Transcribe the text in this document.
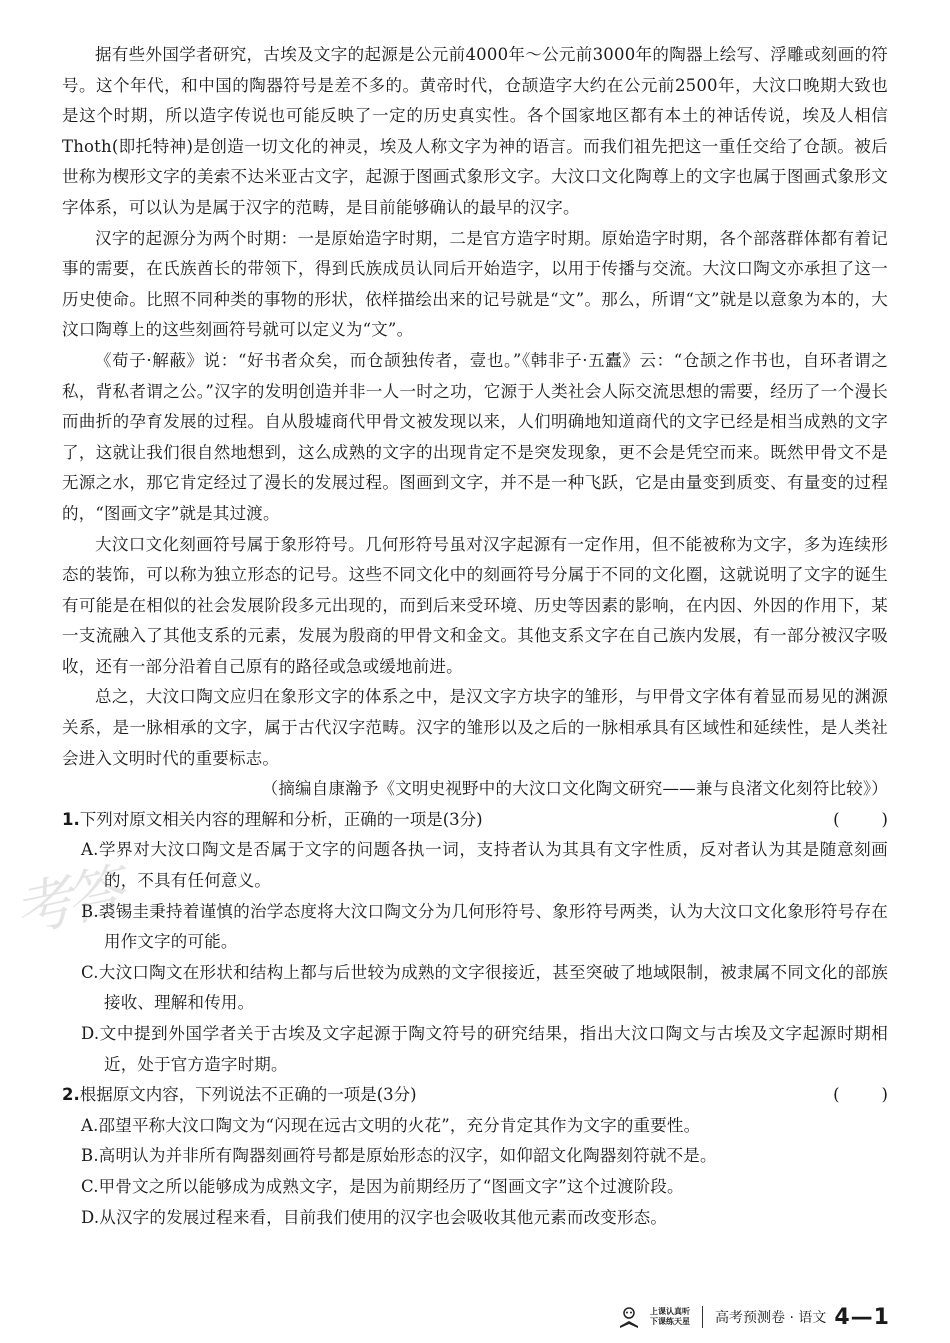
考答

据有些外国学者研究，古埃及文字的起源是公元前4000年～公元前3000年的陶器上绘写、浮雕或刻画的符号。这个年代，和中国的陶器符号是差不多的。黄帝时代，仓颉造字大约在公元前2500年，大汶口晚期大致也是这个时期，所以造字传说也可能反映了一定的历史真实性。各个国家地区都有本土的神话传说，埃及人相信Thoth(即托特神)是创造一切文化的神灵，埃及人称文字为神的语言。而我们祖先把这一重任交给了仓颉。被后世称为楔形文字的美索不达米亚古文字，起源于图画式象形文字。大汶口文化陶尊上的文字也属于图画式象形文字体系，可以认为是属于汉字的范畴，是目前能够确认的最早的汉字。

汉字的起源分为两个时期：一是原始造字时期，二是官方造字时期。原始造字时期，各个部落群体都有着记事的需要，在氏族酋长的带领下，得到氏族成员认同后开始造字，以用于传播与交流。大汶口陶文亦承担了这一历史使命。比照不同种类的事物的形状，依样描绘出来的记号就是“文”。那么，所谓“文”就是以意象为本的，大汶口陶尊上的这些刻画符号就可以定义为“文”。

《荀子·解蔽》说：“好书者众矣，而仓颉独传者，壹也。”《韩非子·五蠹》云：“仓颉之作书也，自环者谓之私，背私者谓之公。”汉字的发明创造并非一人一时之功，它源于人类社会人际交流思想的需要，经历了一个漫长而曲折的孕育发展的过程。自从殷墟商代甲骨文被发现以来，人们明确地知道商代的文字已经是相当成熟的文字了，这就让我们很自然地想到，这么成熟的文字的出现肯定不是突发现象，更不会是凭空而来。既然甲骨文不是无源之水，那它肯定经过了漫长的发展过程。图画到文字，并不是一种飞跃，它是由量变到质变、有量变的过程的，“图画文字”就是其过渡。

大汶口文化刻画符号属于象形符号。几何形符号虽对汉字起源有一定作用，但不能被称为文字，多为连续形态的装饰，可以称为独立形态的记号。这些不同文化中的刻画符号分属于不同的文化圈，这就说明了文字的诞生有可能是在相似的社会发展阶段多元出现的，而到后来受环境、历史等因素的影响，在内因、外因的作用下，某一支流融入了其他支系的元素，发展为殷商的甲骨文和金文。其他支系文字在自己族内发展，有一部分被汉字吸收，还有一部分沿着自己原有的路径或急或缓地前进。

总之，大汶口陶文应归在象形文字的体系之中，是汉文字方块字的雏形，与甲骨文字体有着显而易见的渊源关系，是一脉相承的文字，属于古代汉字范畴。汉字的雏形以及之后的一脉相承具有区域性和延续性，是人类社会进入文明时代的重要标志。

（摘编自康瀚予《文明史视野中的大汶口文化陶文研究——兼与良渚文化刻符比较》）

1.下列对原文相关内容的理解和分析，正确的一项是(3分)	(        )

A.学界对大汶口陶文是否属于文字的问题各执一词，支持者认为其具有文字性质，反对者认为其是随意刻画的，不具有任何意义。

B.裘锡圭秉持着谨慎的治学态度将大汶口陶文分为几何形符号、象形符号两类，认为大汶口文化象形符号存在用作文字的可能。

C.大汶口陶文在形状和结构上都与后世较为成熟的文字很接近，甚至突破了地域限制，被隶属不同文化的部族接收、理解和传用。

D.文中提到外国学者关于古埃及文字起源于陶文符号的研究结果，指出大汶口陶文与古埃及文字起源时期相近，处于官方造字时期。

2.根据原文内容，下列说法不正确的一项是(3分)	(        )

A.邵望平称大汶口陶文为“闪现在远古文明的火花”，充分肯定其作为文字的重要性。

B.高明认为并非所有陶器刻画符号都是原始形态的汉字，如仰韶文化陶器刻符就不是。

C.甲骨文之所以能够成为成熟文字，是因为前期经历了“图画文字”这个过渡阶段。

D.从汉字的发展过程来看，目前我们使用的汉字也会吸收其他元素而改变形态。

上课认真听
下课练天星 高考预测卷 · 语文 4—1
